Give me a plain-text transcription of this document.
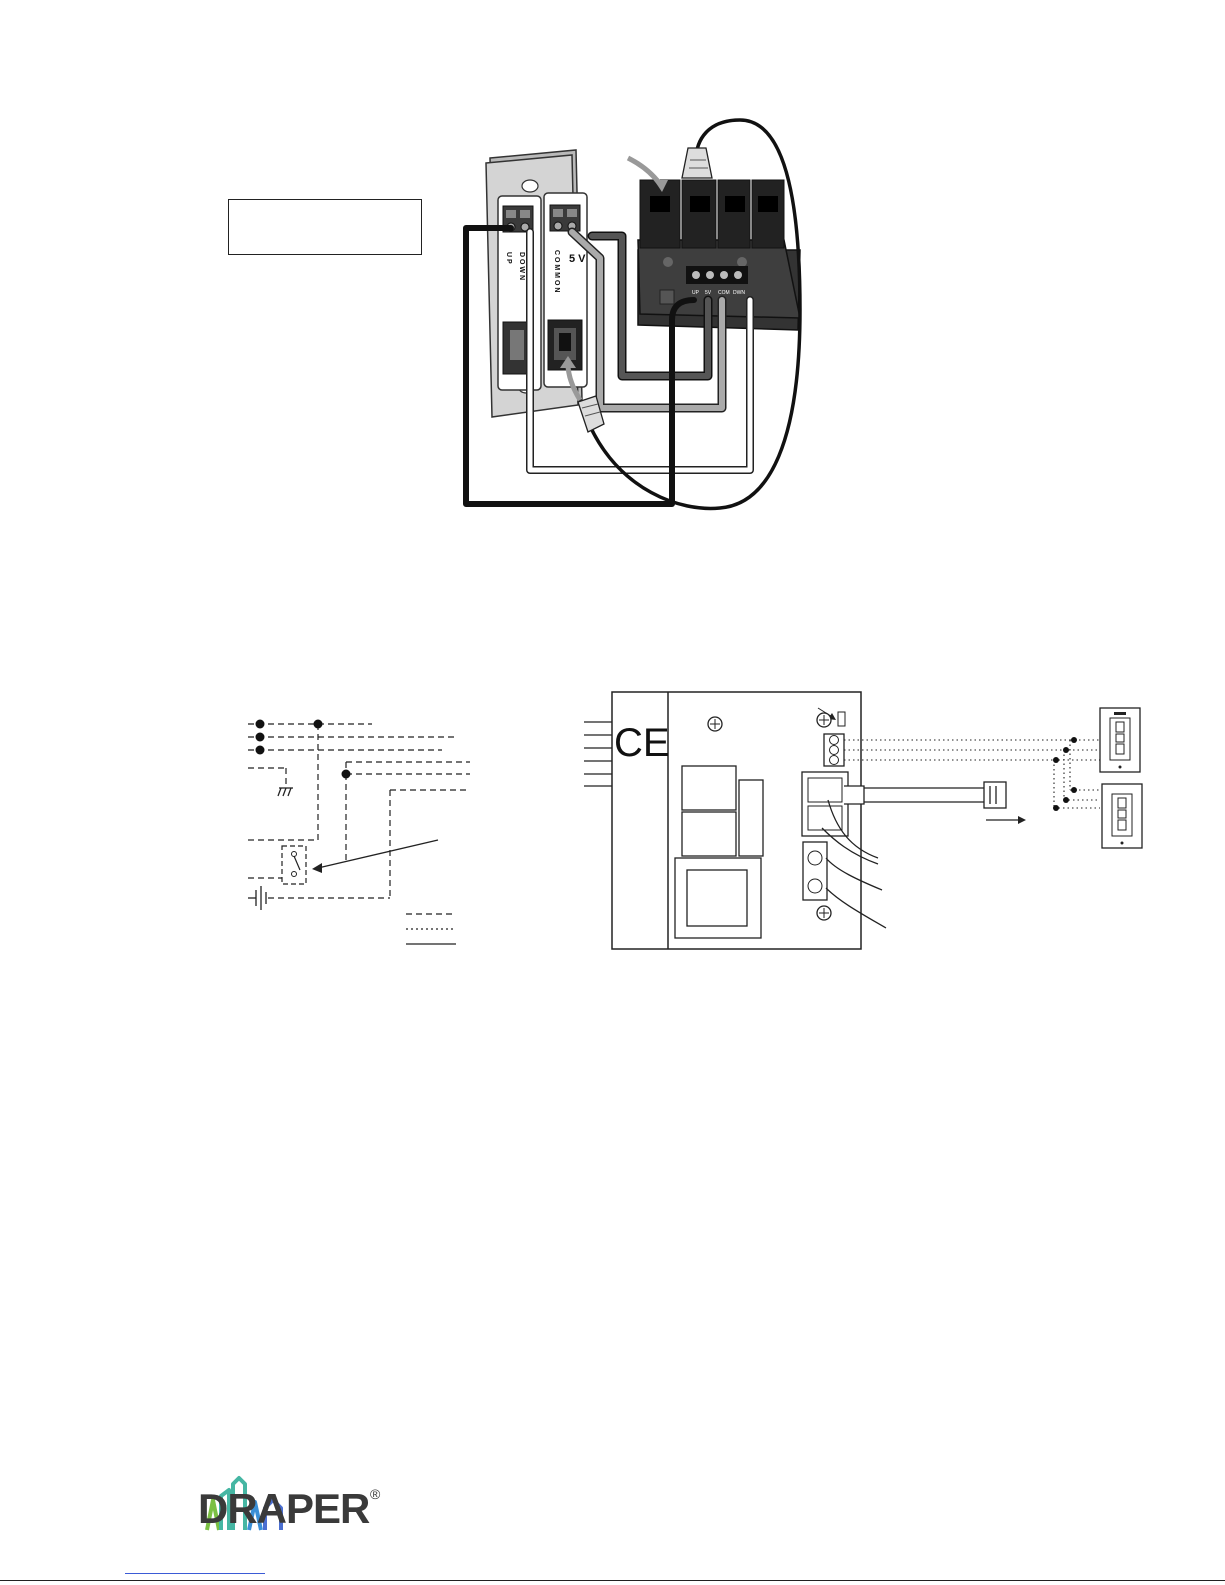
U P D O W N	C O M M O N 5 V
UP 5V COM DWN
CE
DRAPER ®
